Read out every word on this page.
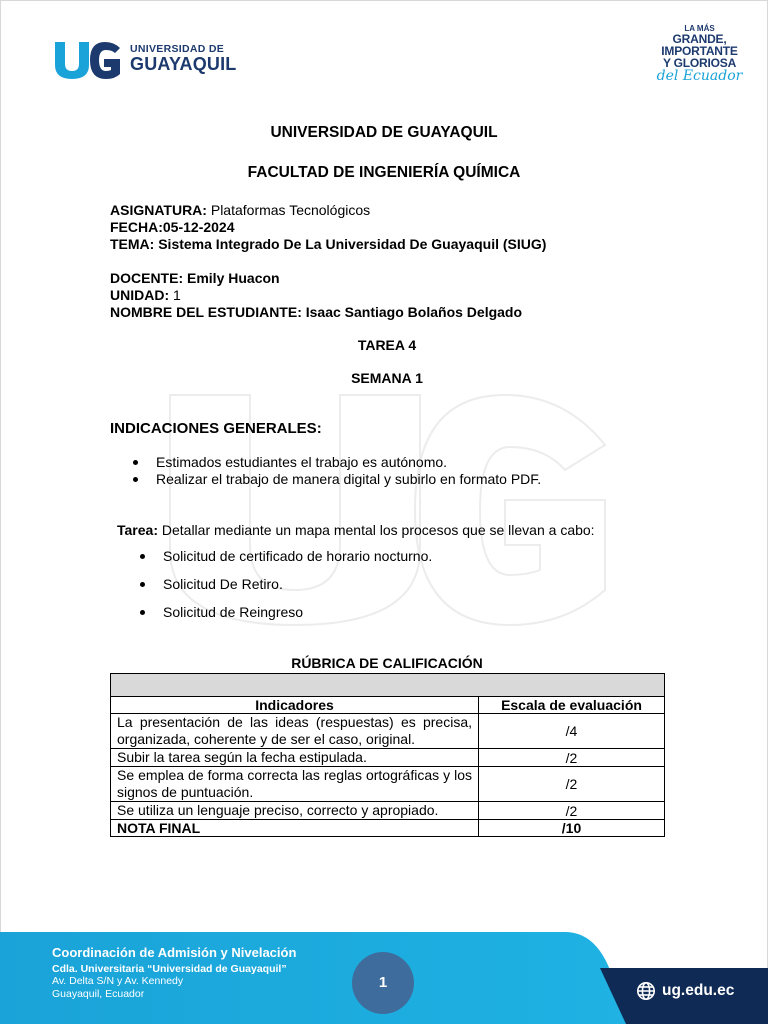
UNIVERSIDAD DE
GUAYAQUIL
LA MÁS
GRANDE,
IMPORTANTE
Y GLORIOSA
del Ecuador
UNIVERSIDAD DE GUAYAQUIL
FACULTAD DE INGENIERÍA QUÍMICA
ASIGNATURA: Plataformas Tecnológicos
FECHA:05-12-2024
TEMA: Sistema Integrado De La Universidad De Guayaquil (SIUG)
DOCENTE: Emily Huacon
UNIDAD: 1
NOMBRE DEL ESTUDIANTE: Isaac Santiago Bolaños Delgado
TAREA 4
SEMANA 1
INDICACIONES GENERALES:
Estimados estudiantes el trabajo es autónomo.
Realizar el trabajo de manera digital y subirlo en formato PDF.
Tarea: Detallar mediante un mapa mental los procesos que se llevan a cabo:
Solicitud de certificado de horario nocturno.
Solicitud De Retiro.
Solicitud de Reingreso
RÚBRICA DE CALIFICACIÓN

Indicadores	Escala de evaluación
La presentación de las ideas (respuestas) es precisa, organizada, coherente y de ser el caso, original.	/4
Subir la tarea según la fecha estipulada.	/2
Se emplea de forma correcta las reglas ortográficas y los signos de puntuación.	/2
Se utiliza un lenguaje preciso, correcto y apropiado.	/2
NOTA FINAL	/10
Coordinación de Admisión y Nivelación
Cdla. Universitaria “Universidad de Guayaquil”
Av. Delta S/N y Av. Kennedy
Guayaquil, Ecuador
1	ug.edu.ec
